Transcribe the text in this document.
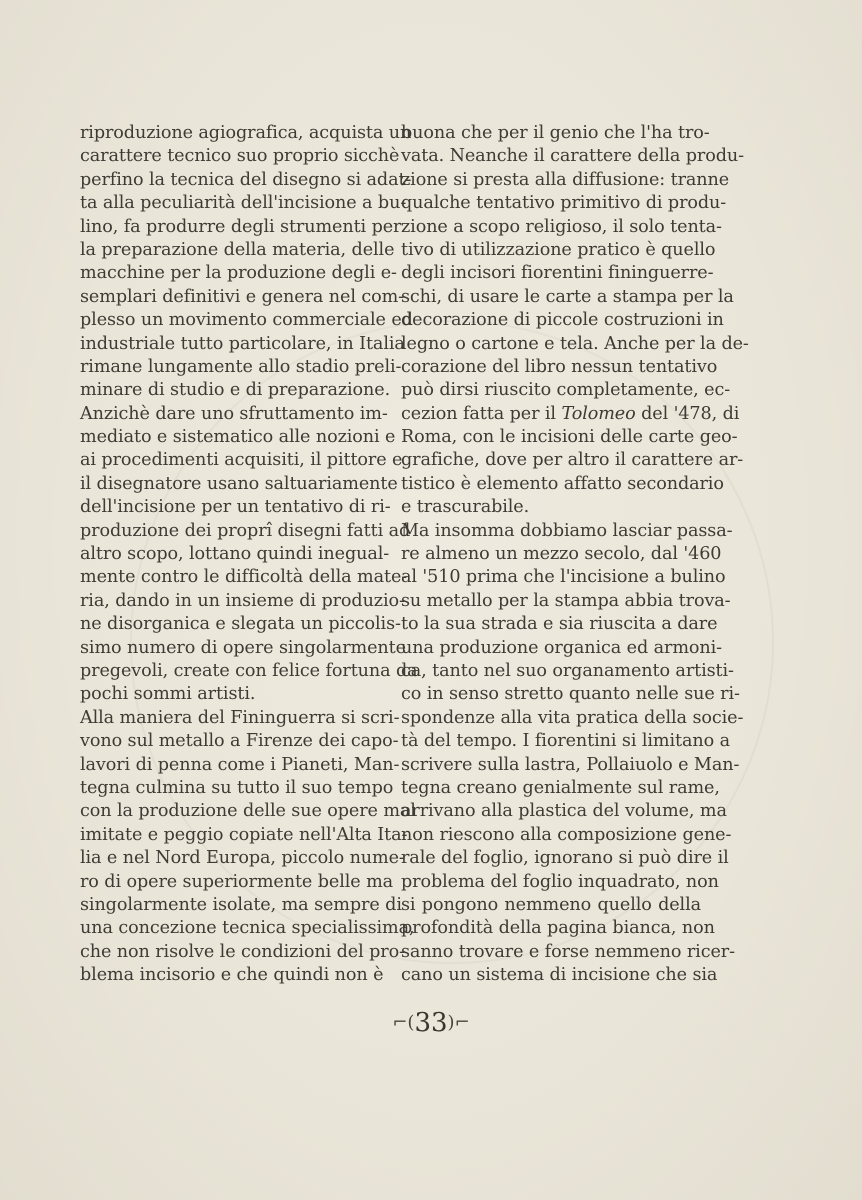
riproduzione agiografica, acquista un
carattere tecnico suo proprio sicchè
perfino la tecnica del disegno si adat-
ta alla peculiarità dell'incisione a bu-
lino, fa produrre degli strumenti per
la preparazione della materia, delle
macchine per la produzione degli e-
semplari definitivi e genera nel com-
plesso un movimento commerciale ed
industriale tutto particolare, in Italia
rimane lungamente allo stadio preli-
minare di studio e di preparazione.
Anzichè dare uno sfruttamento im-
mediato e sistematico alle nozioni e
ai procedimenti acquisiti, il pittore e
il disegnatore usano saltuariamente
dell'incisione per un tentativo di ri-
produzione dei proprî disegni fatti ad
altro scopo, lottano quindi inegual-
mente contro le difficoltà della mate-
ria, dando in un insieme di produzio-
ne disorganica e slegata un piccolis-
simo numero di opere singolarmente
pregevoli, create con felice fortuna da
pochi sommi artisti.
Alla maniera del Fininguerra si scri-
vono sul metallo a Firenze dei capo-
lavori di penna come i Pianeti, Man-
tegna culmina su tutto il suo tempo
con la produzione delle sue opere mal
imitate e peggio copiate nell'Alta Ita-
lia e nel Nord Europa, piccolo nume-
ro di opere superiormente belle ma
singolarmente isolate, ma sempre di
una concezione tecnica specialissima,
che non risolve le condizioni del pro-
blema incisorio e che quindi non è
buona che per il genio che l'ha tro-
vata. Neanche il carattere della produ-
zione si presta alla diffusione: tranne
qualche tentativo primitivo di produ-
zione a scopo religioso, il solo tenta-
tivo di utilizzazione pratico è quello
degli incisori fiorentini fininguerre-
schi, di usare le carte a stampa per la
decorazione di piccole costruzioni in
legno o cartone e tela. Anche per la de-
corazione del libro nessun tentativo
può dirsi riuscito completamente, ec-
cezion fatta per il Tolomeo del '478, di
Roma, con le incisioni delle carte geo-
grafiche, dove per altro il carattere ar-
tistico è elemento affatto secondario
e trascurabile.
Ma insomma dobbiamo lasciar passa-
re almeno un mezzo secolo, dal '460
al '510 prima che l'incisione a bulino
su metallo per la stampa abbia trova-
to la sua strada e sia riuscita a dare
una produzione organica ed armoni-
ca, tanto nel suo organamento artisti-
co in senso stretto quanto nelle sue ri-
spondenze alla vita pratica della socie-
tà del tempo. I fiorentini si limitano a
scrivere sulla lastra, Pollaiuolo e Man-
tegna creano genialmente sul rame,
arrivano alla plastica del volume, ma
non riescono alla composizione gene-
rale del foglio, ignorano si può dire il
problema del foglio inquadrato, non
si pongono nemmeno quello della
profondità della pagina bianca, non
sanno trovare e forse nemmeno ricer-
cano un sistema di incisione che sia
⌐(33)⌐
